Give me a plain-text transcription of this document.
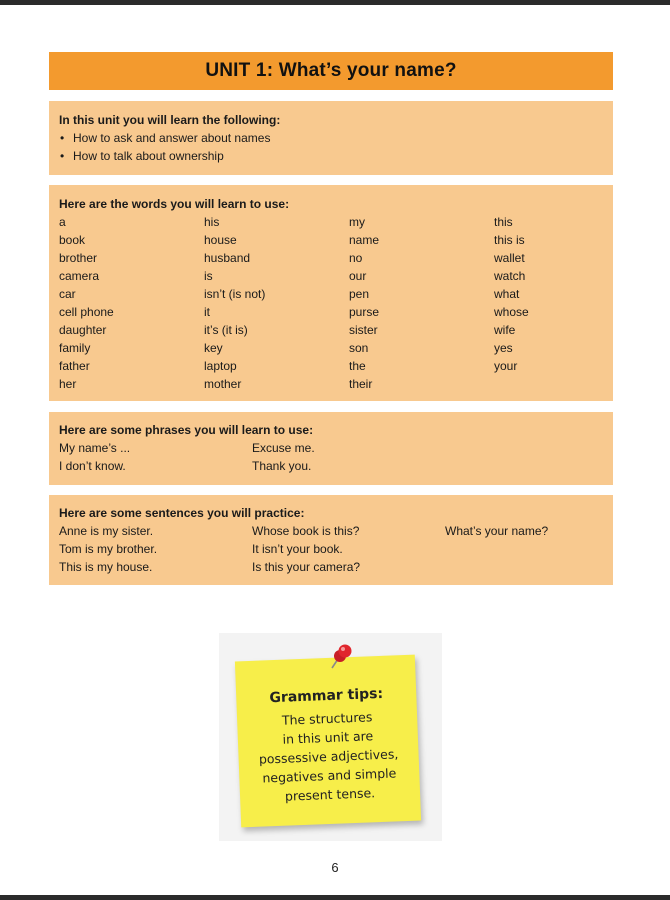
UNIT 1: What’s your name?

In this unit you will learn the following:

• How to ask and answer about names
• How to talk about ownership

Here are the words you will learn to use:

a	his	my	this
book	house	name	this is
brother	husband	no	wallet
camera	is	our	watch
car	isn’t (is not)	pen	what
cell phone	it	purse	whose
daughter	it’s (it is)	sister	wife
family	key	son	yes
father	laptop	the	your
her	mother	their

Here are some phrases you will learn to use:

My name’s ...	Excuse me.
I don’t know.	Thank you.

Here are some sentences you will practice:

Anne is my sister.	Whose book is this?	What’s your name?
Tom is my brother.	It isn’t your book.
This is my house.	Is this your camera?
Grammar tips:
The structures
in this unit are
possessive adjectives,
negatives and simple
present tense.
6
